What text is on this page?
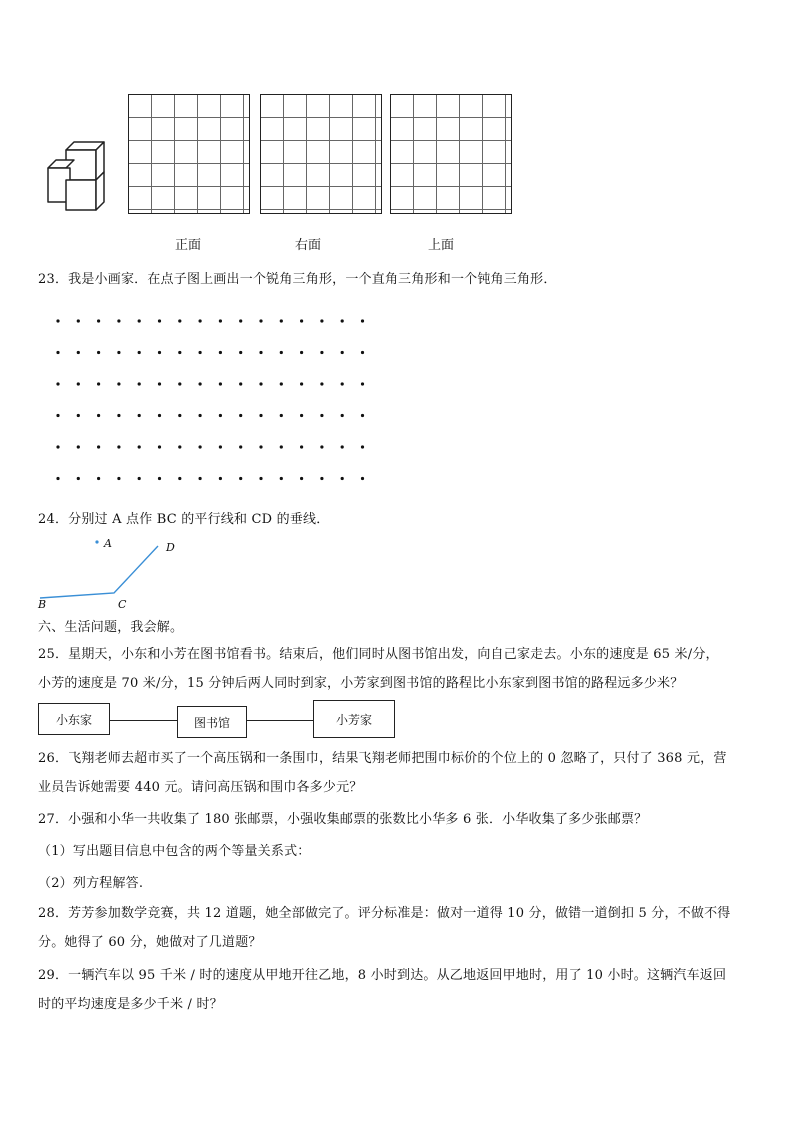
正面	右面	上面
23．我是小画家．在点子图上画出一个锐角三角形，一个直角三角形和一个钝角三角形．
24．分别过 A 点作 BC 的平行线和 CD 的垂线．
A	D
B	C
六、生活问题，我会解。
25．星期天，小东和小芳在图书馆看书。结束后，他们同时从图书馆出发，向自己家走去。小东的速度是 65 米/分，
小芳的速度是 70 米/分，15 分钟后两人同时到家，小芳家到图书馆的路程比小东家到图书馆的路程远多少米？
小东家	图书馆	小芳家
26．飞翔老师去超市买了一个高压锅和一条围巾，结果飞翔老师把围巾标价的个位上的 0 忽略了，只付了 368 元，营
业员告诉她需要 440 元。请问高压锅和围巾各多少元？
27．小强和小华一共收集了 180 张邮票，小强收集邮票的张数比小华多 6 张．小华收集了多少张邮票？
（1）写出题目信息中包含的两个等量关系式：
（2）列方程解答.
28．芳芳参加数学竞赛，共 12 道题，她全部做完了。评分标准是：做对一道得 10 分，做错一道倒扣 5 分，不做不得
分。她得了 60 分，她做对了几道题？
29．一辆汽车以 95 千米 / 时的速度从甲地开往乙地，8 小时到达。从乙地返回甲地时，用了 10 小时。这辆汽车返回
时的平均速度是多少千米 / 时？
